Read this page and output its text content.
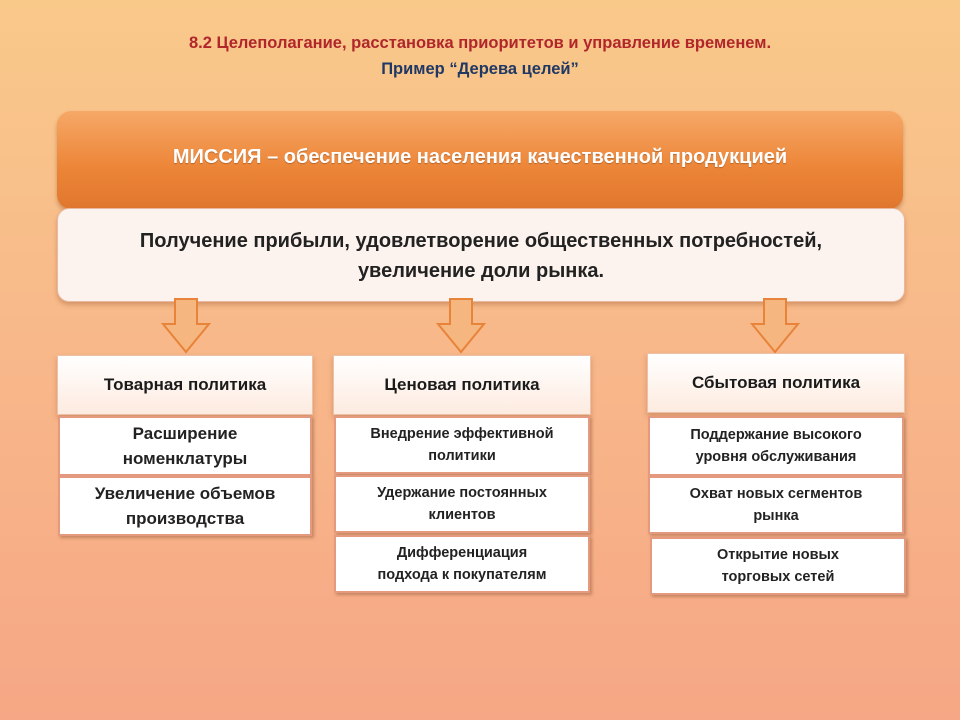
8.2 Целеполагание, расстановка приоритетов и управление временем.
Пример “Дерева целей”
МИССИЯ – обеспечение населения качественной продукцией
Получение прибыли, удовлетворение общественных потребностей,
увеличение доли рынка.
Товарная политика
Расширение
номенклатуры
Увеличение объемов
производства
Ценовая политика
Внедрение эффективной
политики
Удержание постоянных
клиентов
Дифференциация
подхода к покупателям
Сбытовая политика
Поддержание высокого
уровня обслуживания
Охват новых сегментов
рынка
Открытие новых
торговых сетей
